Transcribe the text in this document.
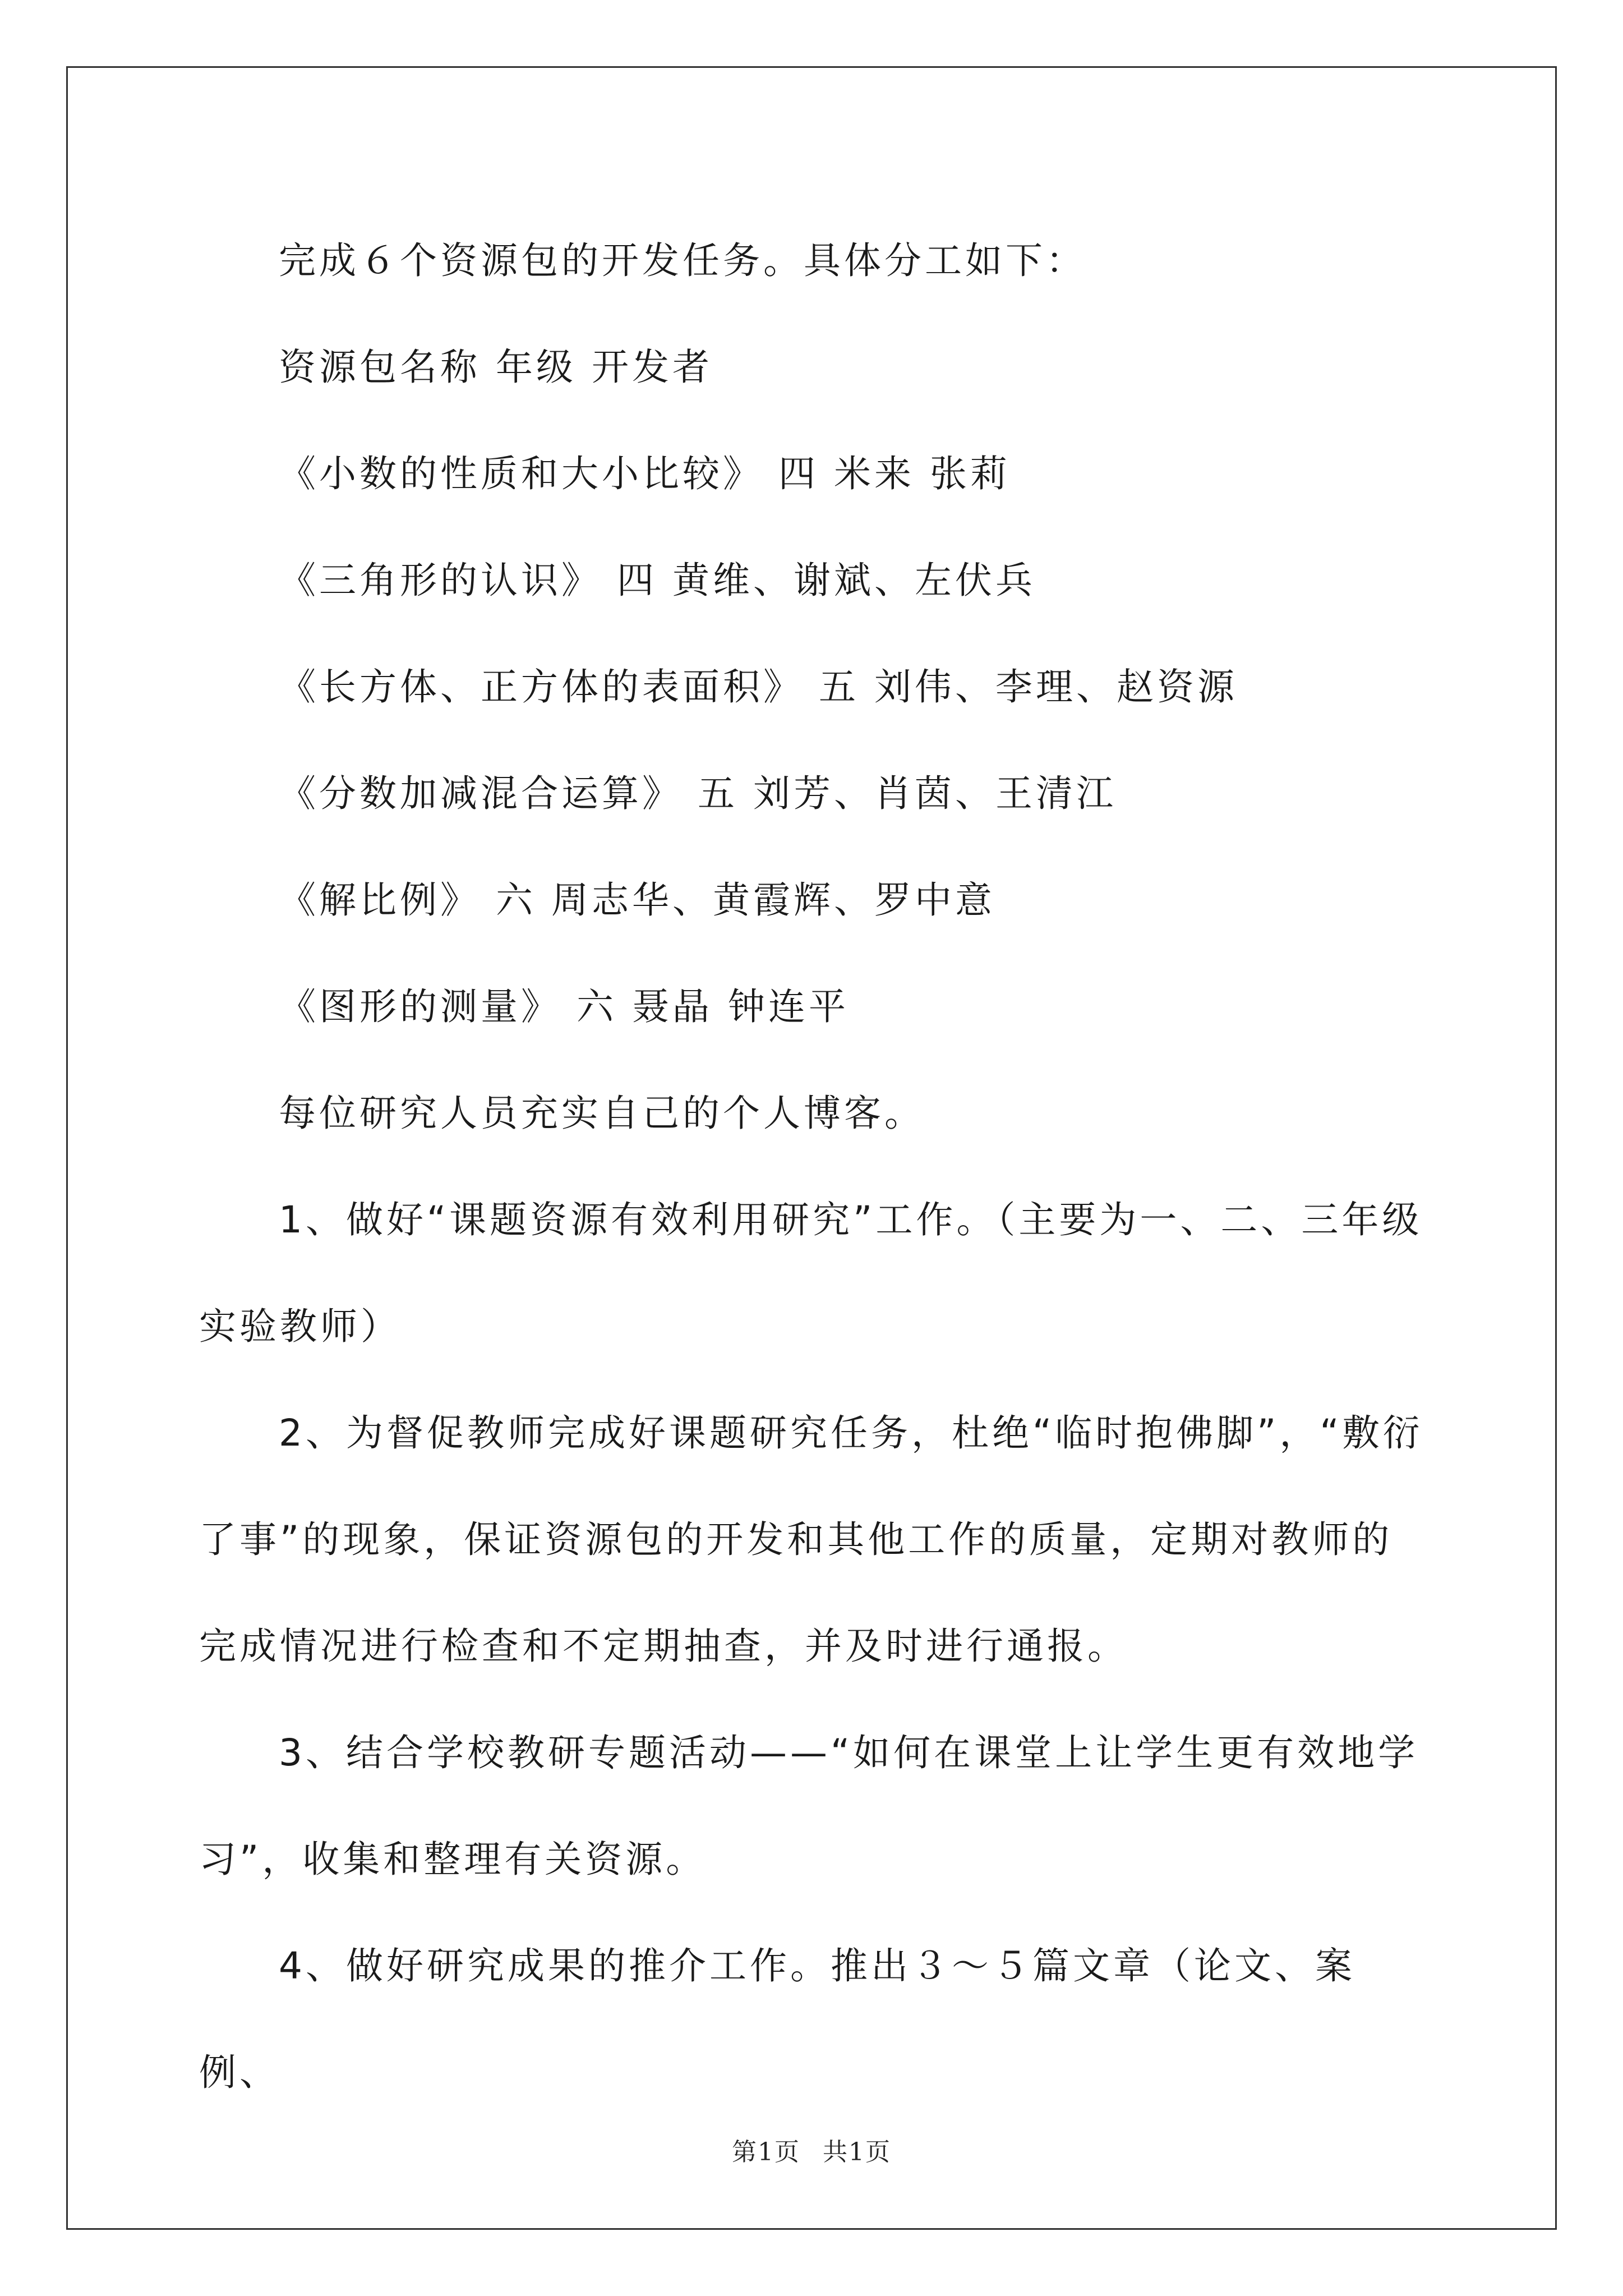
完成６个资源包的开发任务。具体分工如下：

资源包名称 年级 开发者

《小数的性质和大小比较》 四 米来 张莉

《三角形的认识》 四 黄维、谢斌、左伏兵

《长方体、正方体的表面积》 五 刘伟、李理、赵资源

《分数加减混合运算》 五 刘芳、肖茵、王清江

《解比例》 六 周志华、黄霞辉、罗中意

《图形的测量》 六 聂晶 钟连平

每位研究人员充实自己的个人博客。

1、做好“课题资源有效利用研究”工作。（主要为一、二、三年级实验教师）

2、为督促教师完成好课题研究任务，杜绝“临时抱佛脚”，“敷衍了事”的现象，保证资源包的开发和其他工作的质量，定期对教师的完成情况进行检查和不定期抽查，并及时进行通报。

3、结合学校教研专题活动——“如何在课堂上让学生更有效地学习”，收集和整理有关资源。

4、做好研究成果的推介工作。推出３～５篇文章（论文、案例、

第1页 共1页
